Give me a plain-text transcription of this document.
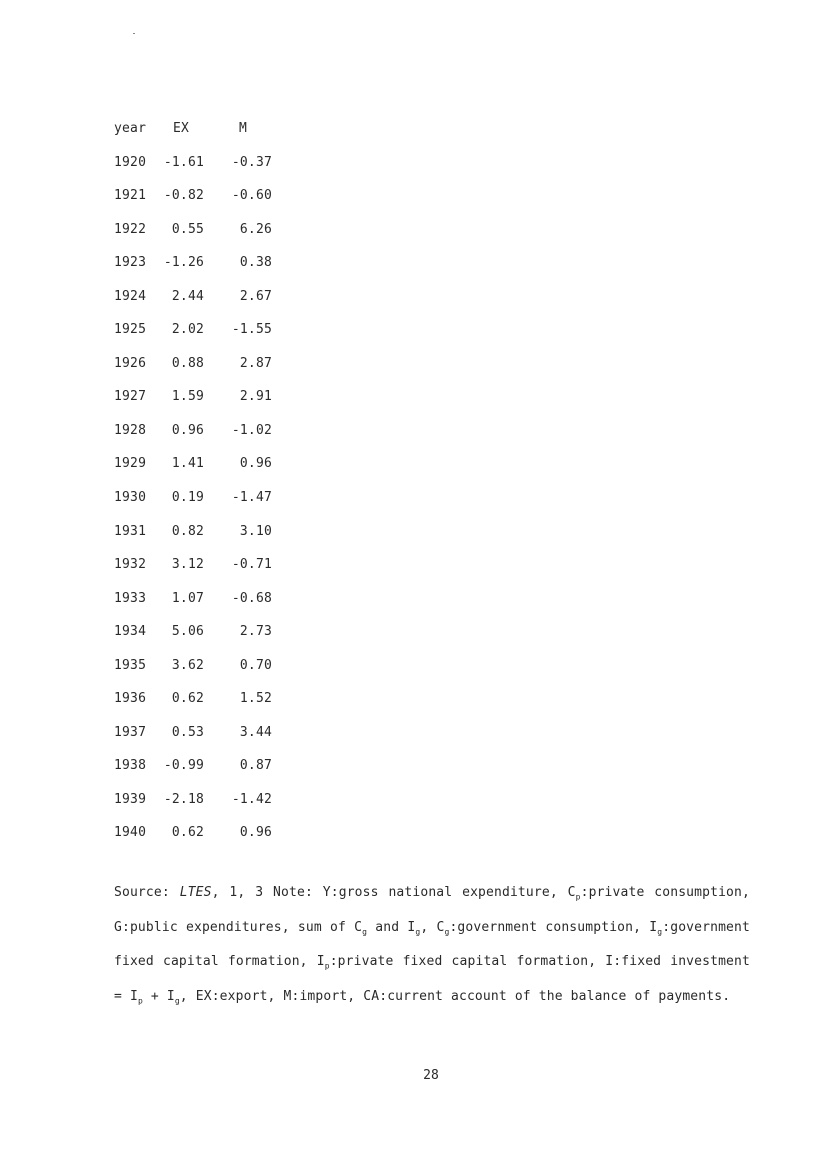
year	EX	M
1920	-1.61	-0.37
1921	-0.82	-0.60
1922	0.55	6.26
1923	-1.26	0.38
1924	2.44	2.67
1925	2.02	-1.55
1926	0.88	2.87
1927	1.59	2.91
1928	0.96	-1.02
1929	1.41	0.96
1930	0.19	-1.47
1931	0.82	3.10
1932	3.12	-0.71
1933	1.07	-0.68
1934	5.06	2.73
1935	3.62	0.70
1936	0.62	1.52
1937	0.53	3.44
1938	-0.99	0.87
1939	-2.18	-1.42
1940	0.62	0.96
Source: LTES, 1, 3 Note: Y:gross national expenditure, $C_p:private$ consumption, G:public expenditures, sum of $C_g$ and $I_g$, $C_g:government$ consumption, $I_g:government$ fixed capital formation, $I_p:private$ fixed capital formation, I:fixed investment = $I_p + I_g$, EX:export, M:import, CA:current account of the balance of payments.
28
